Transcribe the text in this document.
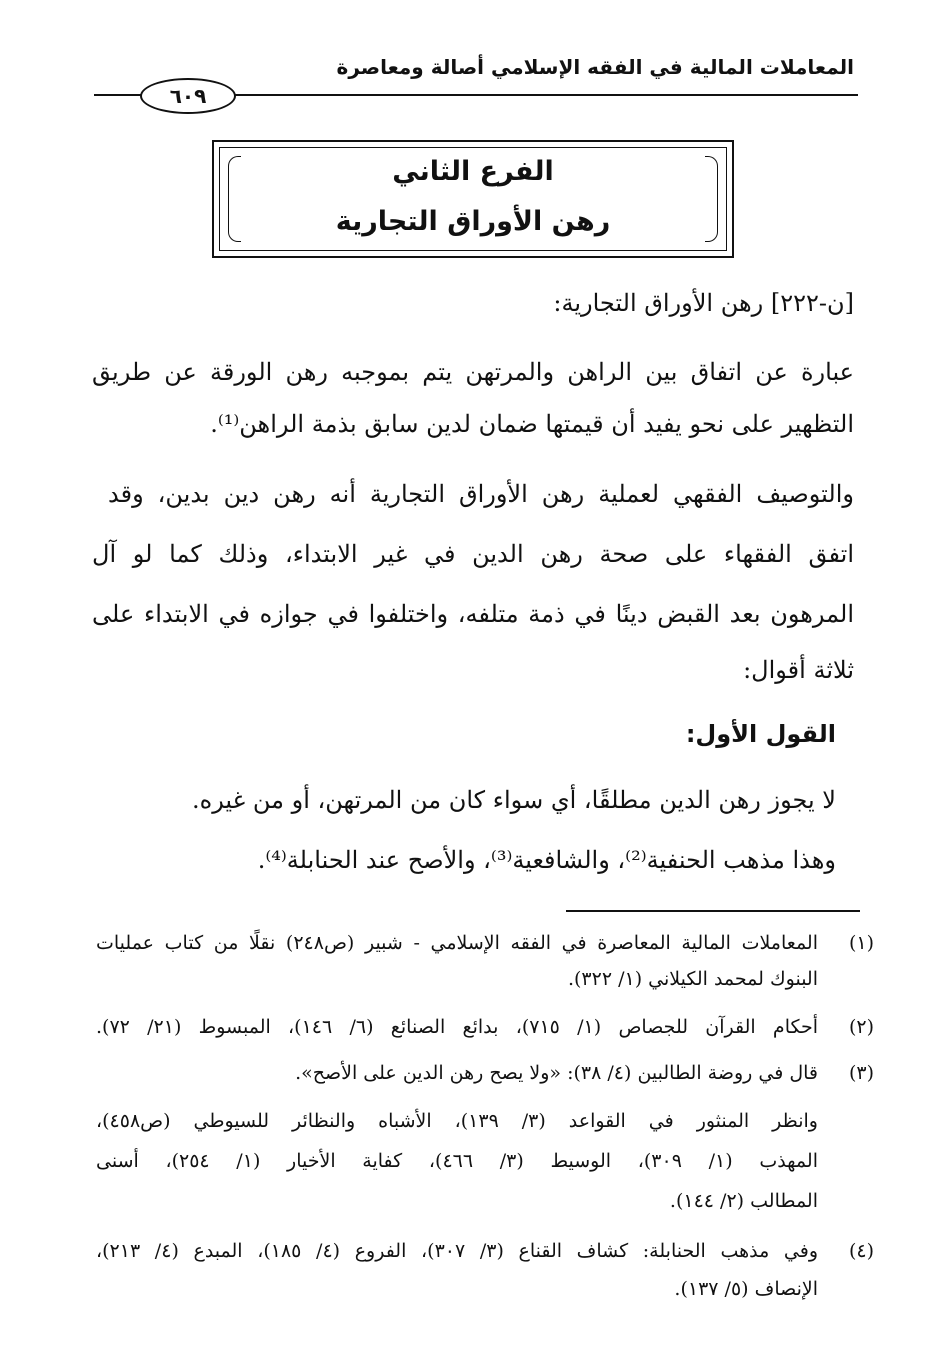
المعاملات المالية في الفقه الإسلامي أصالة ومعاصرة
٦٠٩
الفرع الثاني
رهن الأوراق التجارية
[ن-٢٢٢] رهن الأوراق التجارية:
عبارة عن اتفاق بين الراهن والمرتهن يتم بموجبه رهن الورقة عن طريق
التظهير على نحو يفيد أن قيمتها ضمان لدين سابق بذمة الراهن⁽¹⁾.
والتوصيف الفقهي لعملية رهن الأوراق التجارية أنه رهن دين بدين، وقد
اتفق الفقهاء على صحة رهن الدين في غير الابتداء، وذلك كما لو آل
المرهون بعد القبض دينًا في ذمة متلفه، واختلفوا في جوازه في الابتداء على
ثلاثة أقوال:
القول الأول:
لا يجوز رهن الدين مطلقًا، أي سواء كان من المرتهن، أو من غيره.
وهذا مذهب الحنفية⁽²⁾، والشافعية⁽³⁾، والأصح عند الحنابلة⁽⁴⁾.
(١)
المعاملات المالية المعاصرة في الفقه الإسلامي - شبير (ص٢٤٨) نقلًا من كتاب عمليات
البنوك لمحمد الكيلاني (١/ ٣٢٢).
(٢)
أحكام القرآن للجصاص (١/ ٧١٥)، بدائع الصنائع (٦/ ١٤٦)، المبسوط (٢١/ ٧٢).
(٣)
قال في روضة الطالبين (٤/ ٣٨): «ولا يصح رهن الدين على الأصح».
وانظر المنثور في القواعد (٣/ ١٣٩)، الأشباه والنظائر للسيوطي (ص٤٥٨)،
المهذب (١/ ٣٠٩)، الوسيط (٣/ ٤٦٦)، كفاية الأخيار (١/ ٢٥٤)، أسنى
المطالب (٢/ ١٤٤).
(٤)
وفي مذهب الحنابلة: كشاف القناع (٣/ ٣٠٧)، الفروع (٤/ ١٨٥)، المبدع (٤/ ٢١٣)،
الإنصاف (٥/ ١٣٧).
